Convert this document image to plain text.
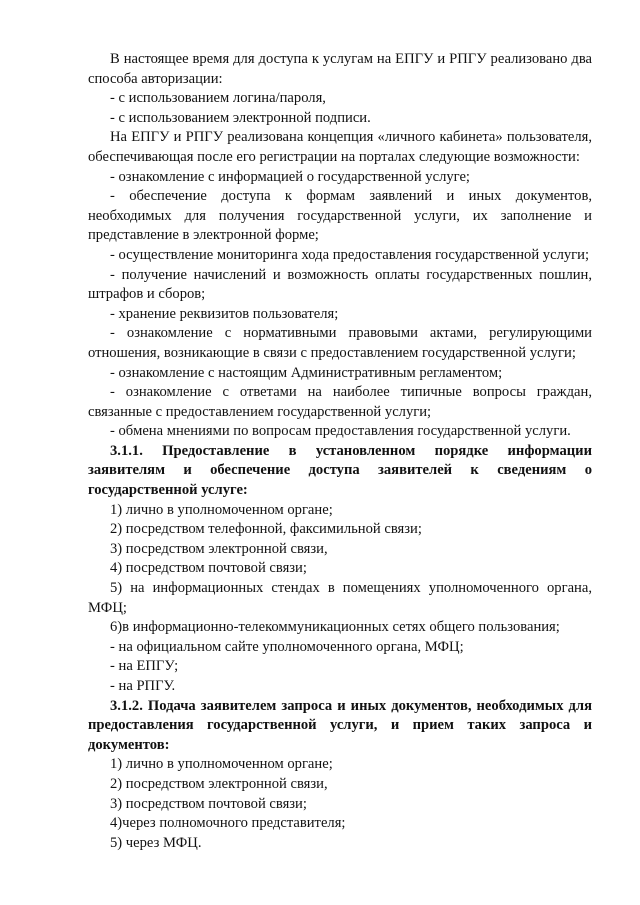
В настоящее время для доступа к услугам на ЕПГУ и РПГУ реализовано два способа авторизации:

- с использованием логина/пароля,

- с использованием электронной подписи.

На ЕПГУ и РПГУ реализована концепция «личного кабинета» пользователя, обеспечивающая после его регистрации на порталах следующие возможности:

- ознакомление с информацией о государственной услуге;

- обеспечение доступа к формам заявлений и иных документов, необходимых для получения государственной услуги, их заполнение и представление в электронной форме;

- осуществление мониторинга хода предоставления государственной услуги;

- получение начислений и возможность оплаты государственных пошлин, штрафов и сборов;

- хранение реквизитов пользователя;

- ознакомление с нормативными правовыми актами, регулирующими отношения, возникающие в связи с предоставлением государственной услуги;

- ознакомление с настоящим Административным регламентом;

- ознакомление с ответами на наиболее типичные вопросы граждан, связанные с предоставлением государственной услуги;

- обмена мнениями по вопросам предоставления государственной услуги.

3.1.1. Предоставление в установленном порядке информации заявителям и обеспечение доступа заявителей к сведениям о государственной услуге:

1) лично в уполномоченном органе;

2) посредством телефонной, факсимильной связи;

3) посредством электронной связи,

4) посредством почтовой связи;

5) на информационных стендах в помещениях уполномоченного органа, МФЦ;

6)в информационно-телекоммуникационных сетях общего пользования;

- на официальном сайте уполномоченного органа, МФЦ;

- на ЕПГУ;

- на РПГУ.

3.1.2. Подача заявителем запроса и иных документов, необходимых для предоставления государственной услуги, и прием таких запроса и документов:

1) лично в уполномоченном органе;

2) посредством электронной связи,

3) посредством почтовой связи;

4)через полномочного представителя;

5) через МФЦ.
